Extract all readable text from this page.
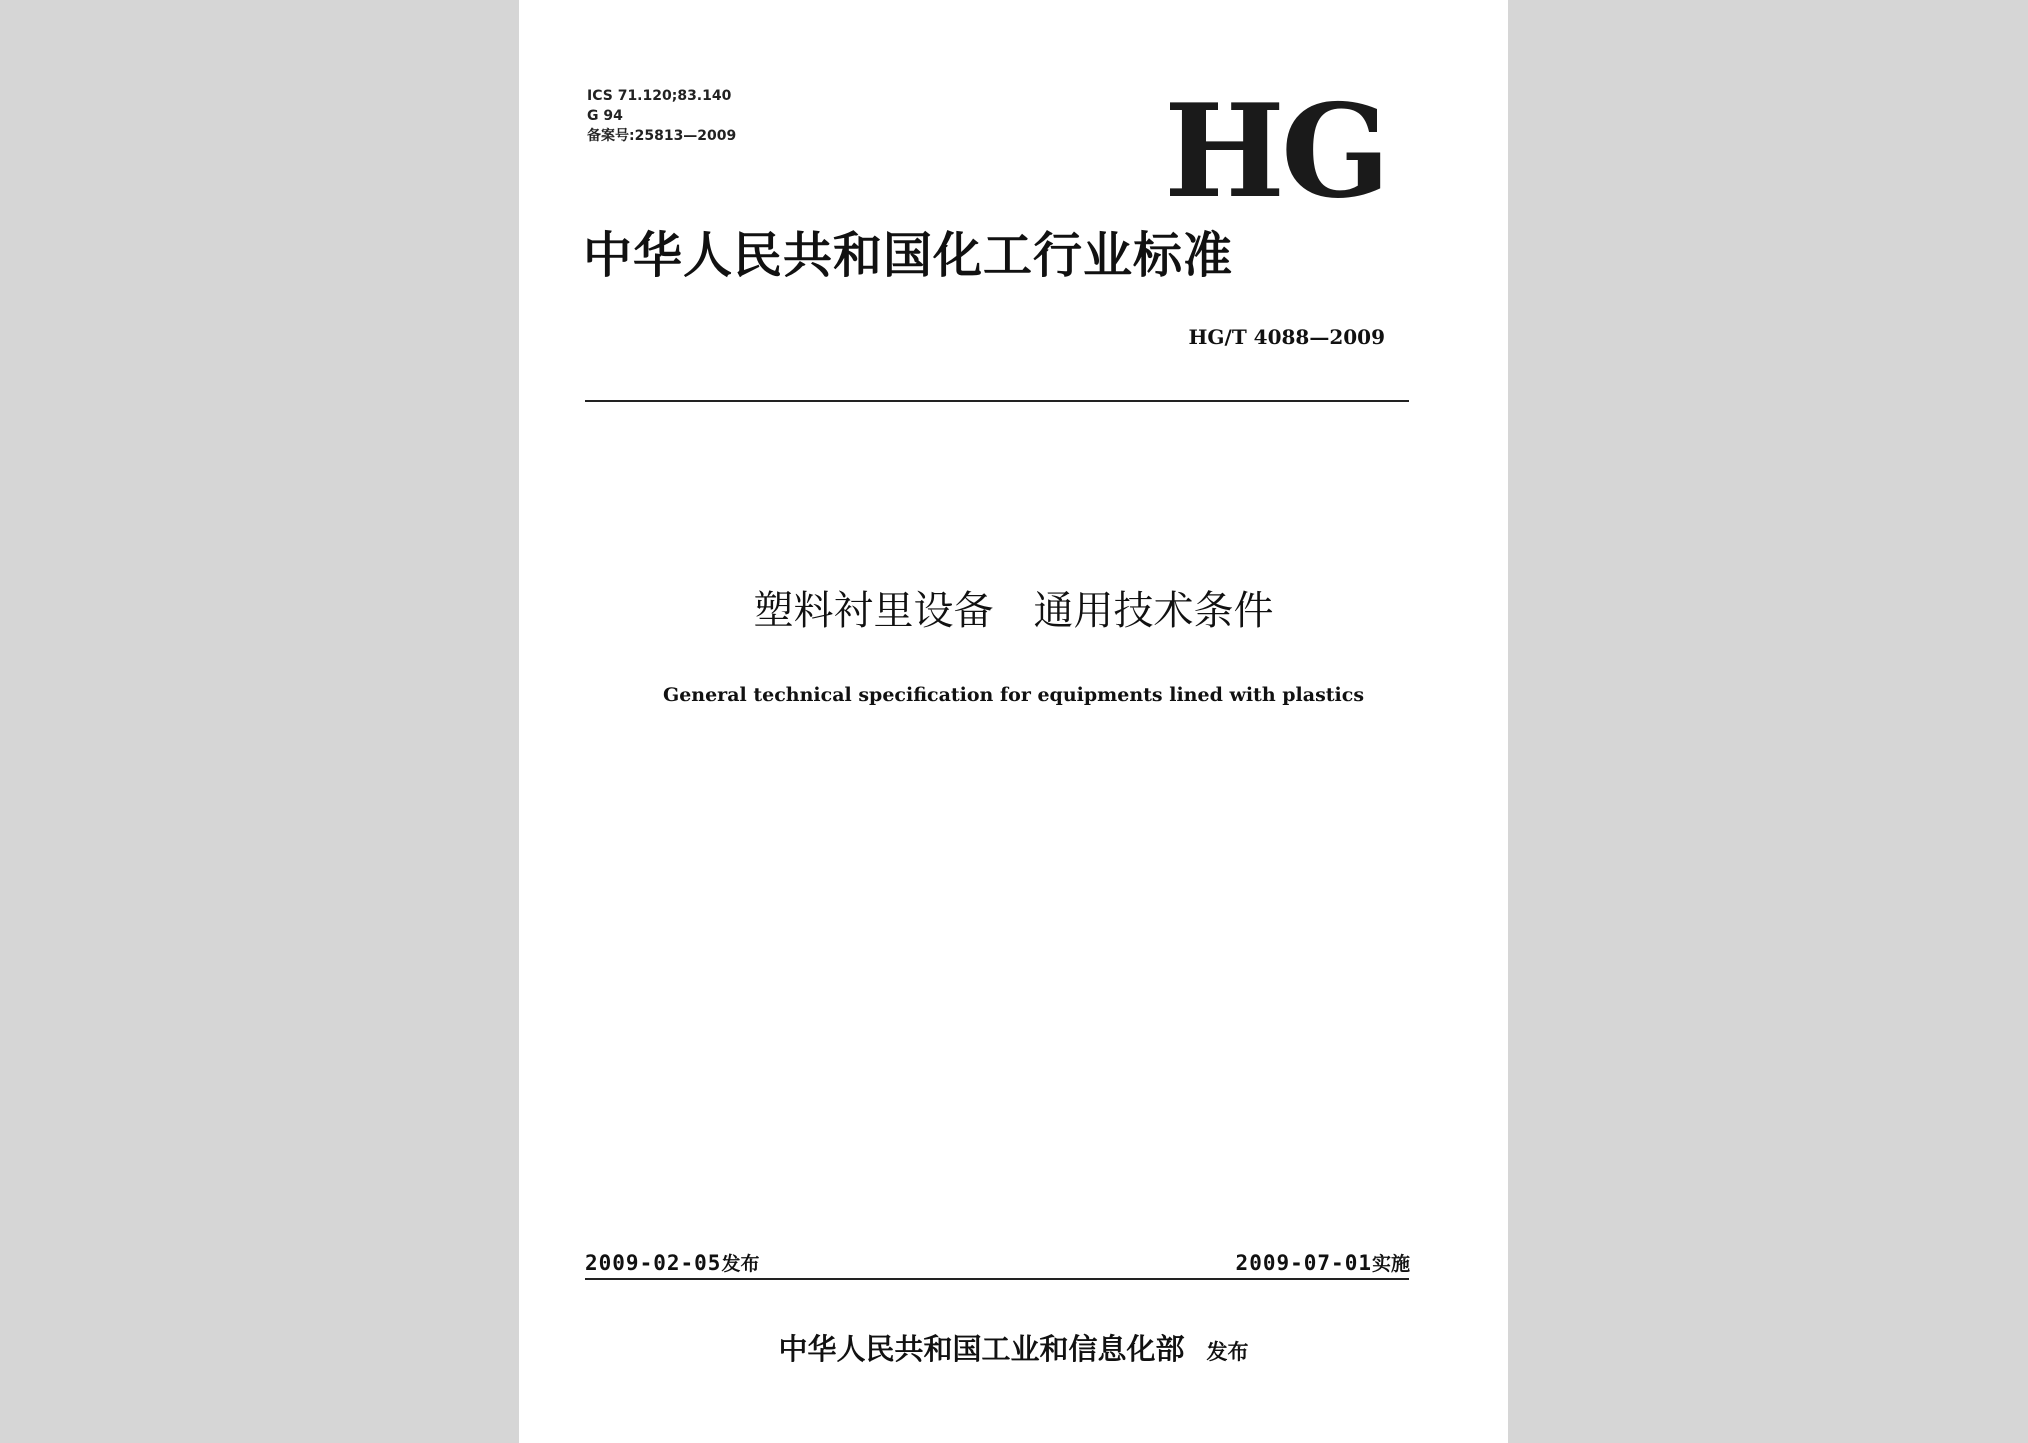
ICS 71.120;83.140
G 94
备案号:25813—2009	HG
中华人民共和国化工行业标准
HG/T 4088—2009
塑料衬里设备　通用技术条件
General technical specification for equipments lined with plastics
2009-02-05发布	2009-07-01实施
中华人民共和国工业和信息化部 发布
